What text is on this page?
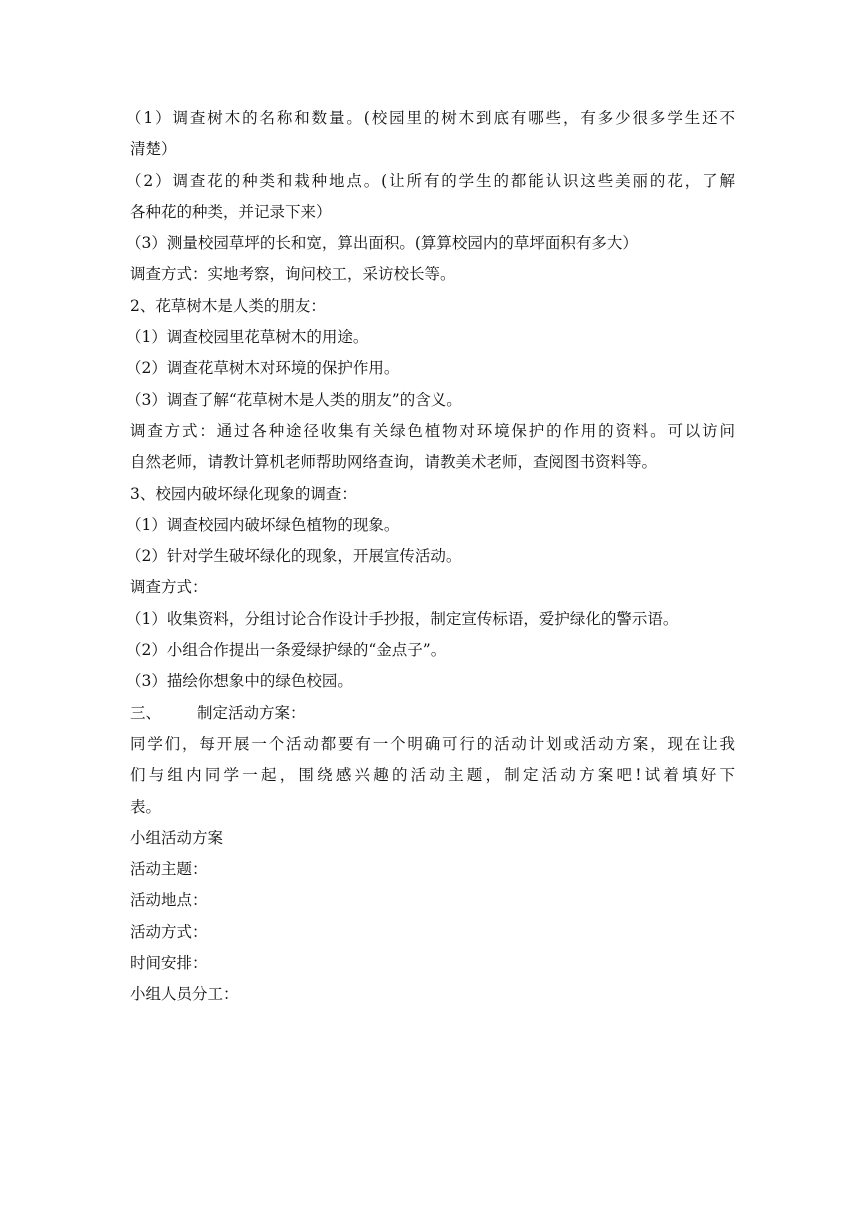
（1）调查树木的名称和数量。(校园里的树木到底有哪些，有多少很多学生还不
清楚）
（2）调查花的种类和栽种地点。(让所有的学生的都能认识这些美丽的花，了解
各种花的种类，并记录下来）
（3）测量校园草坪的长和宽，算出面积。(算算校园内的草坪面积有多大）
调查方式：实地考察，询问校工，采访校长等。
2、花草树木是人类的朋友：
（1）调查校园里花草树木的用途。
（2）调查花草树木对环境的保护作用。
（3）调查了解“花草树木是人类的朋友”的含义。
调查方式：通过各种途径收集有关绿色植物对环境保护的作用的资料。可以访问
自然老师，请教计算机老师帮助网络查询，请教美术老师，查阅图书资料等。
3、校园内破坏绿化现象的调查：
（1）调查校园内破坏绿色植物的现象。
（2）针对学生破坏绿化的现象，开展宣传活动。
调查方式：
（1）收集资料，分组讨论合作设计手抄报，制定宣传标语，爱护绿化的警示语。
（2）小组合作提出一条爱绿护绿的“金点子”。
（3）描绘你想象中的绿色校园。
三、 制定活动方案：
同学们，每开展一个活动都要有一个明确可行的活动计划或活动方案，现在让我
们与组内同学一起，围绕感兴趣的活动主题，制定活动方案吧!试着填好下
表。
小组活动方案
活动主题：
活动地点：
活动方式：
时间安排：
小组人员分工：
